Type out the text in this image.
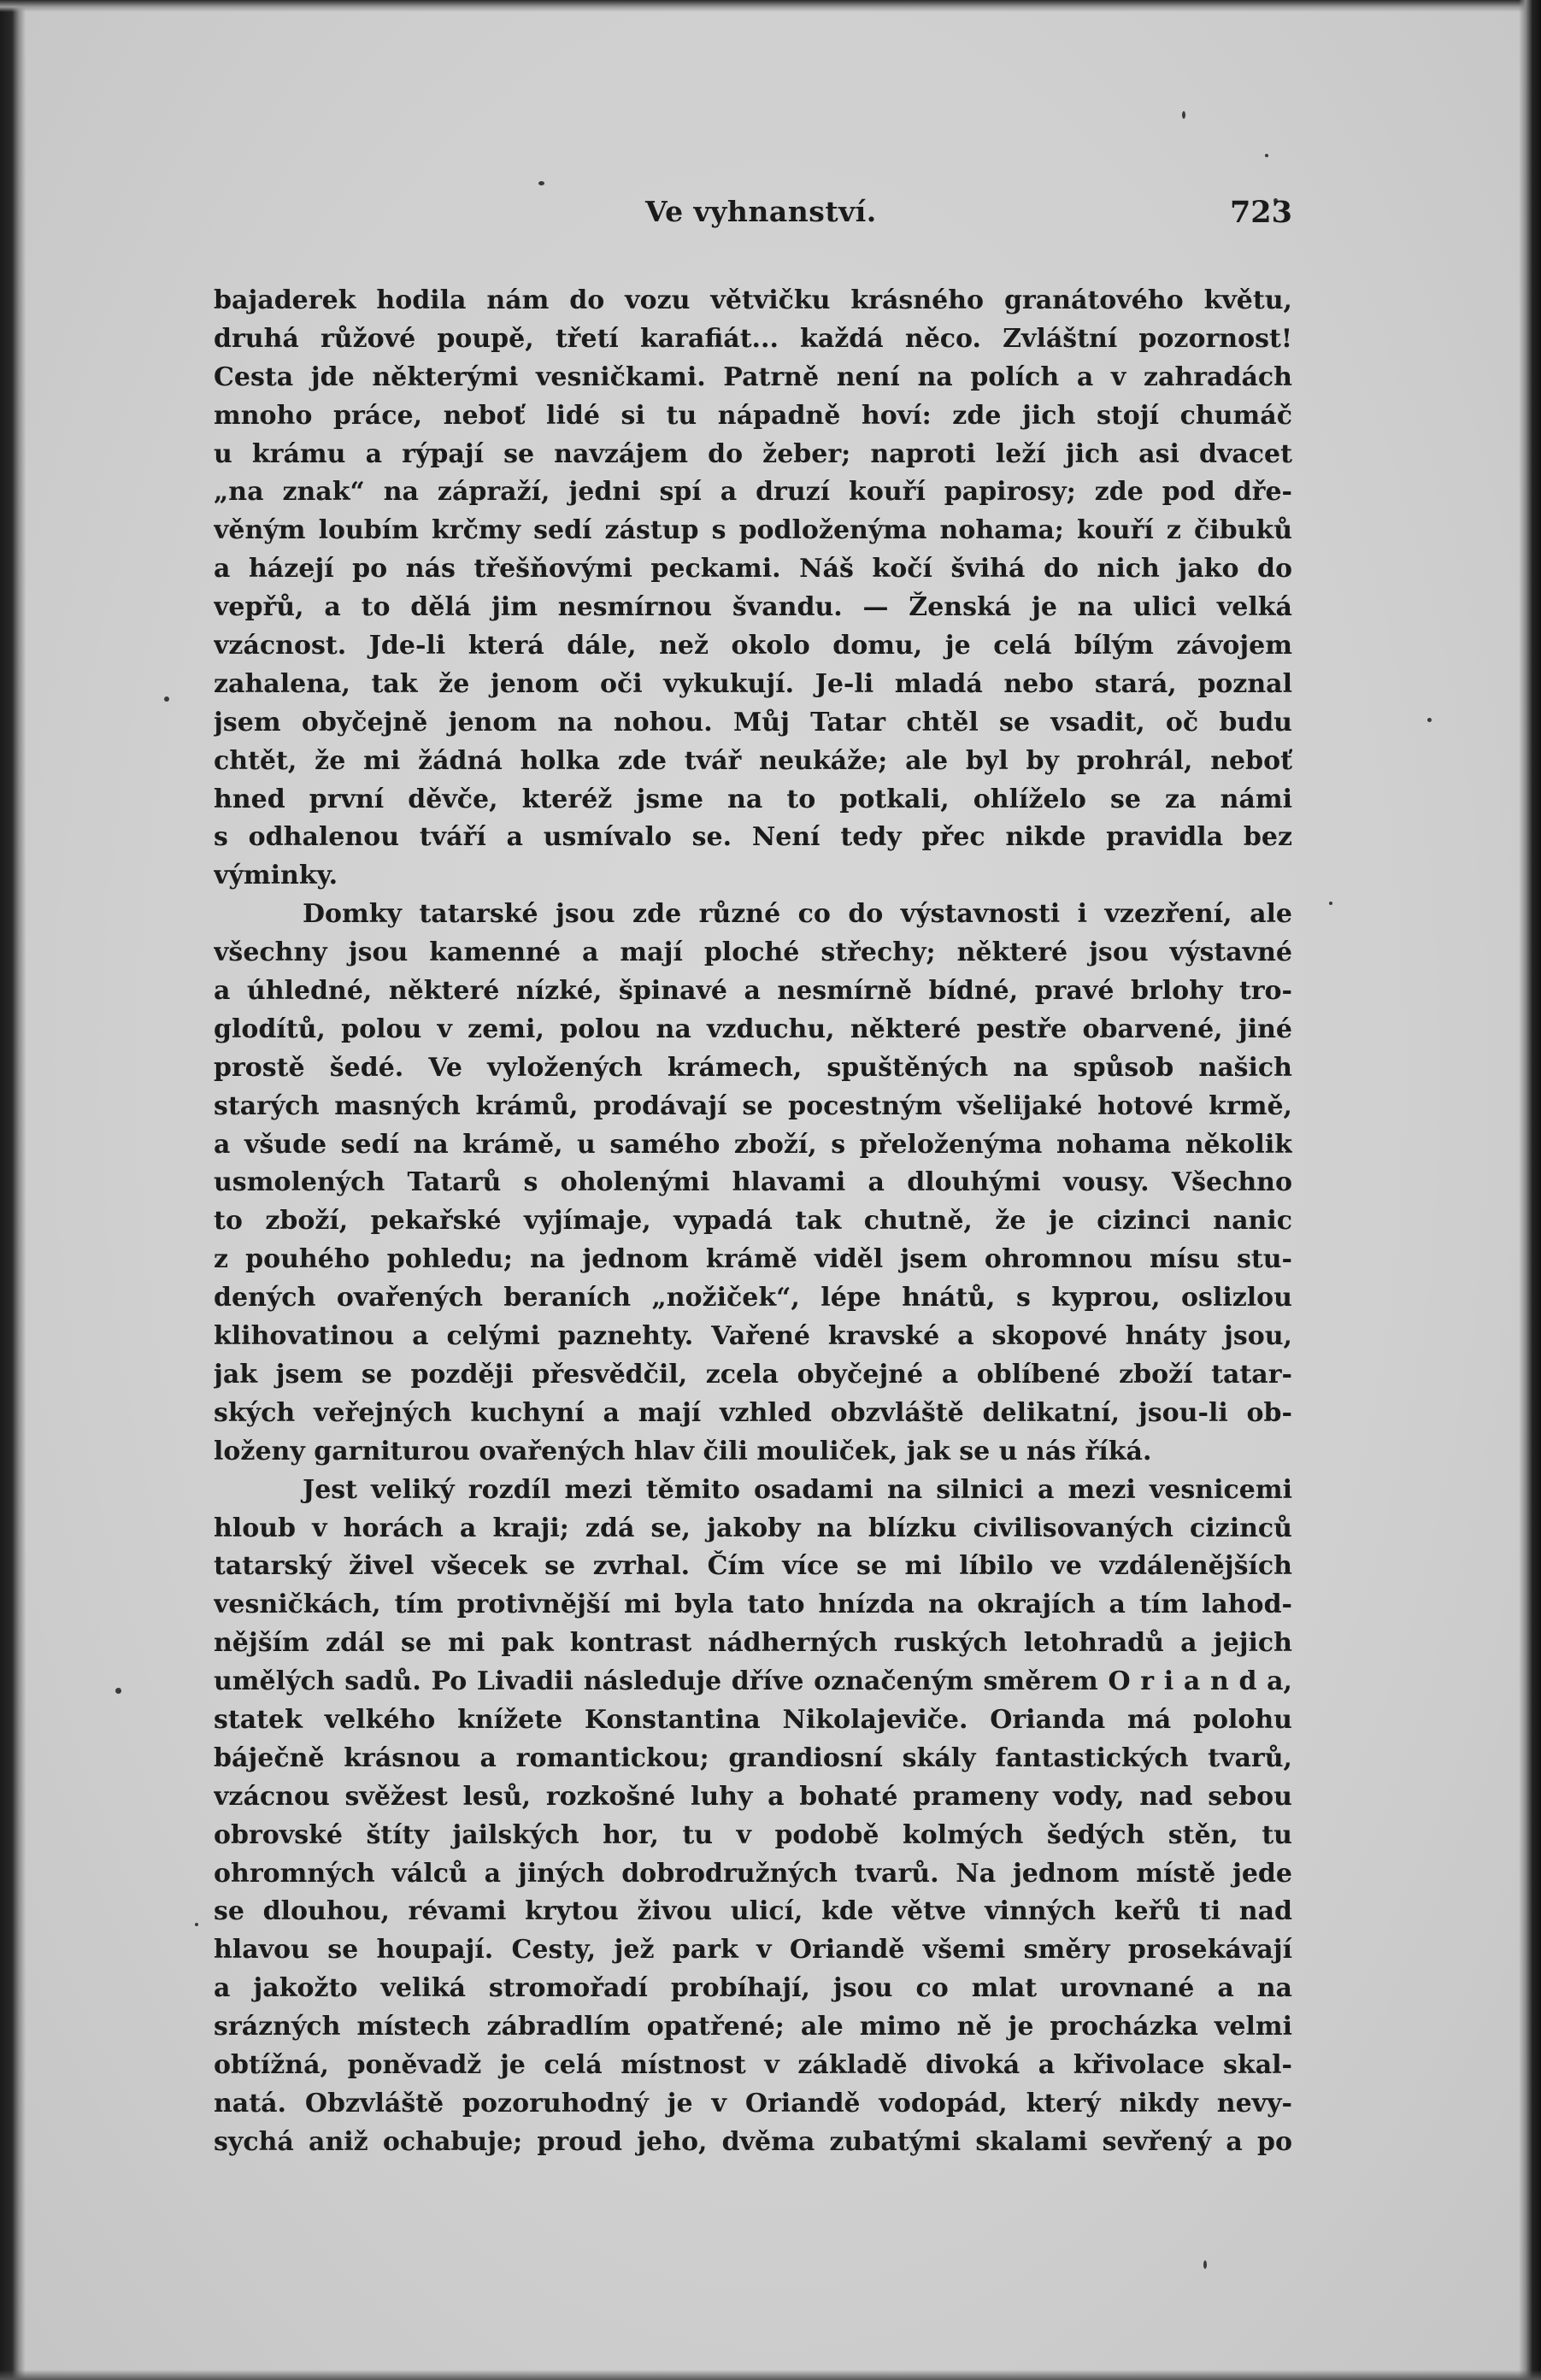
Ve vyhnanství.	723

bajaderek hodila nám do vozu větvičku krásného granátového květu,
druhá růžové poupě, třetí karafiát... každá něco. Zvláštní pozornost!
Cesta jde některými vesničkami. Patrně není na polích a v zahradách
mnoho práce, neboť lidé si tu nápadně hoví: zde jich stojí chumáč
u krámu a rýpají se navzájem do žeber; naproti leží jich asi dvacet
„na znak“ na zápraží, jedni spí a druzí kouří papirosy; zde pod dře-
věným loubím krčmy sedí zástup s podloženýma nohama; kouří z čibuků
a házejí po nás třešňovými peckami. Náš kočí švihá do nich jako do
vepřů, a to dělá jim nesmírnou švandu. — Ženská je na ulici velká
vzácnost. Jde-li která dále, než okolo domu, je celá bílým závojem
zahalena, tak že jenom oči vykukují. Je-li mladá nebo stará, poznal
jsem obyčejně jenom na nohou. Můj Tatar chtěl se vsadit, oč budu
chtět, že mi žádná holka zde tvář neukáže; ale byl by prohrál, neboť
hned první děvče, kteréž jsme na to potkali, ohlíželo se za námi
s odhalenou tváří a usmívalo se. Není tedy přec nikde pravidla bez
výminky.

Domky tatarské jsou zde různé co do výstavnosti i vzezření, ale
všechny jsou kamenné a mají ploché střechy; některé jsou výstavné
a úhledné, některé nízké, špinavé a nesmírně bídné, pravé brlohy tro-
glodítů, polou v zemi, polou na vzduchu, některé pestře obarvené, jiné
prostě šedé. Ve vyložených krámech, spuštěných na spůsob našich
starých masných krámů, prodávají se pocestným všelijaké hotové krmě,
a všude sedí na krámě, u samého zboží, s přeloženýma nohama několik
usmolených Tatarů s oholenými hlavami a dlouhými vousy. Všechno
to zboží, pekařské vyjímaje, vypadá tak chutně, že je cizinci nanic
z pouhého pohledu; na jednom krámě viděl jsem ohromnou mísu stu-
dených ovařených beraních „nožiček“, lépe hnátů, s kyprou, oslizlou
klihovatinou a celými paznehty. Vařené kravské a skopové hnáty jsou,
jak jsem se později přesvědčil, zcela obyčejné a oblíbené zboží tatar-
ských veřejných kuchyní a mají vzhled obzvláště delikatní, jsou-li ob-
loženy garniturou ovařených hlav čili mouliček, jak se u nás říká.

Jest veliký rozdíl mezi těmito osadami na silnici a mezi vesnicemi
hloub v horách a kraji; zdá se, jakoby na blízku civilisovaných cizinců
tatarský živel všecek se zvrhal. Čím více se mi líbilo ve vzdálenějších
vesničkách, tím protivnější mi byla tato hnízda na okrajích a tím lahod-
nějším zdál se mi pak kontrast nádherných ruských letohradů a jejich
umělých sadů. Po Livadii následuje dříve označeným směrem O r i a n d a,
statek velkého knížete Konstantina Nikolajeviče. Orianda má polohu
báječně krásnou a romantickou; grandiosní skály fantastických tvarů,
vzácnou svěžest lesů, rozkošné luhy a bohaté prameny vody, nad sebou
obrovské štíty jailských hor, tu v podobě kolmých šedých stěn, tu
ohromných válců a jiných dobrodružných tvarů. Na jednom místě jede
se dlouhou, révami krytou živou ulicí, kde větve vinných keřů ti nad
hlavou se houpají. Cesty, jež park v Oriandě všemi směry prosekávají
a jakožto veliká stromořadí probíhají, jsou co mlat urovnané a na
srázných místech zábradlím opatřené; ale mimo ně je procházka velmi
obtížná, poněvadž je celá místnost v základě divoká a křivolace skal-
natá. Obzvláště pozoruhodný je v Oriandě vodopád, který nikdy nevy-
sychá aniž ochabuje; proud jeho, dvěma zubatými skalami sevřený a po
